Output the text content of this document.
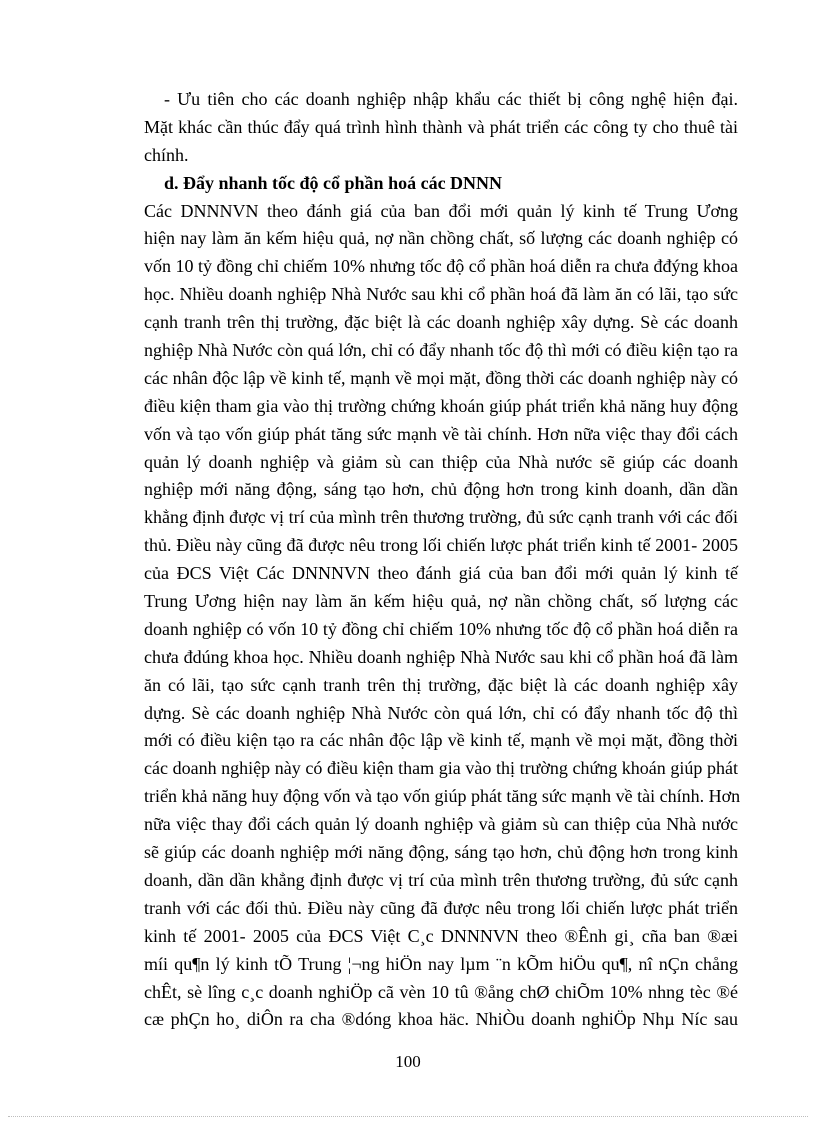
- Ưu tiên cho các doanh nghiệp nhập khẩu các thiết bị công nghệ hiện đại.
Mặt khác cần thúc đẩy quá trình hình thành và phát triển các công ty cho thuê tài
chính.
d. Đẩy nhanh tốc độ cổ phần hoá các DNNN
Các DNNNVN theo đánh giá của ban đổi mới quản lý kinh tế Trung Ương
hiện nay làm ăn kếm hiệu quả, nợ nần chồng chất, số lượng các doanh nghiệp có
vốn 10 tỷ đồng chỉ chiếm 10% nhưng tốc độ cổ phần hoá diễn ra chưa đđýng khoa
học. Nhiều doanh nghiệp Nhà Nước sau khi cổ phần hoá đã làm ăn có lãi, tạo sức
cạnh tranh trên thị trường, đặc biệt là các doanh nghiệp xây dựng. Sè các doanh
nghiệp Nhà Nước còn quá lớn, chỉ có đẩy nhanh tốc độ thì mới có điều kiện tạo ra
các nhân độc lập về kinh tế, mạnh về mọi mặt, đồng thời các doanh nghiệp này có
điều kiện tham gia vào thị trường chứng khoán giúp phát triển khả năng huy động
vốn và tạo vốn giúp phát tăng sức mạnh về tài chính. Hơn nữa việc thay đổi cách
quản lý doanh nghiệp và giảm sù can thiệp của Nhà nước sẽ giúp các doanh
nghiệp mới năng động, sáng tạo hơn, chủ động hơn trong kinh doanh, dần dần
khẳng định được vị trí của mình trên thương trường, đủ sức cạnh tranh với các đối
thủ. Điều này cũng đã được nêu trong lối chiến lược phát triển kinh tế 2001- 2005
của ĐCS Việt Các DNNNVN theo đánh giá của ban đổi mới quản lý kinh tế
Trung Ương hiện nay làm ăn kếm hiệu quả, nợ nần chồng chất, số lượng các
doanh nghiệp có vốn 10 tỷ đồng chỉ chiếm 10% nhưng tốc độ cổ phần hoá diễn ra
chưa đdúng khoa học. Nhiều doanh nghiệp Nhà Nước sau khi cổ phần hoá đã làm
ăn có lãi, tạo sức cạnh tranh trên thị trường, đặc biệt là các doanh nghiệp xây
dựng. Sè các doanh nghiệp Nhà Nước còn quá lớn, chỉ có đẩy nhanh tốc độ thì
mới có điều kiện tạo ra các nhân độc lập về kinh tế, mạnh về mọi mặt, đồng thời
các doanh nghiệp này có điều kiện tham gia vào thị trường chứng khoán giúp phát
triển khả năng huy động vốn và tạo vốn giúp phát tăng sức mạnh về tài chính. Hơn
nữa việc thay đổi cách quản lý doanh nghiệp và giảm sù can thiệp của Nhà nước
sẽ giúp các doanh nghiệp mới năng động, sáng tạo hơn, chủ động hơn trong kinh
doanh, dần dần khẳng định được vị trí của mình trên thương trường, đủ sức cạnh
tranh với các đối thủ. Điều này cũng đã được nêu trong lối chiến lược phát triển
kinh tế 2001- 2005 của ĐCS Việt C¸c DNNNVN theo ®Ênh gi¸ cña ban ®æi
míi qu¶n lý kinh tÕ Trung ¦¬ng hiÖn nay lµm ¨n kÕm hiÖu qu¶, nî nÇn chång
chÊt, sè lîng c¸c doanh nghiÖp cã vèn 10 tû ®ång chØ chiÕm 10% nhng tèc ®é
cæ phÇn ho¸ diÔn ra cha ®dóng khoa häc. NhiÒu doanh nghiÖp Nhµ Níc sau
100
